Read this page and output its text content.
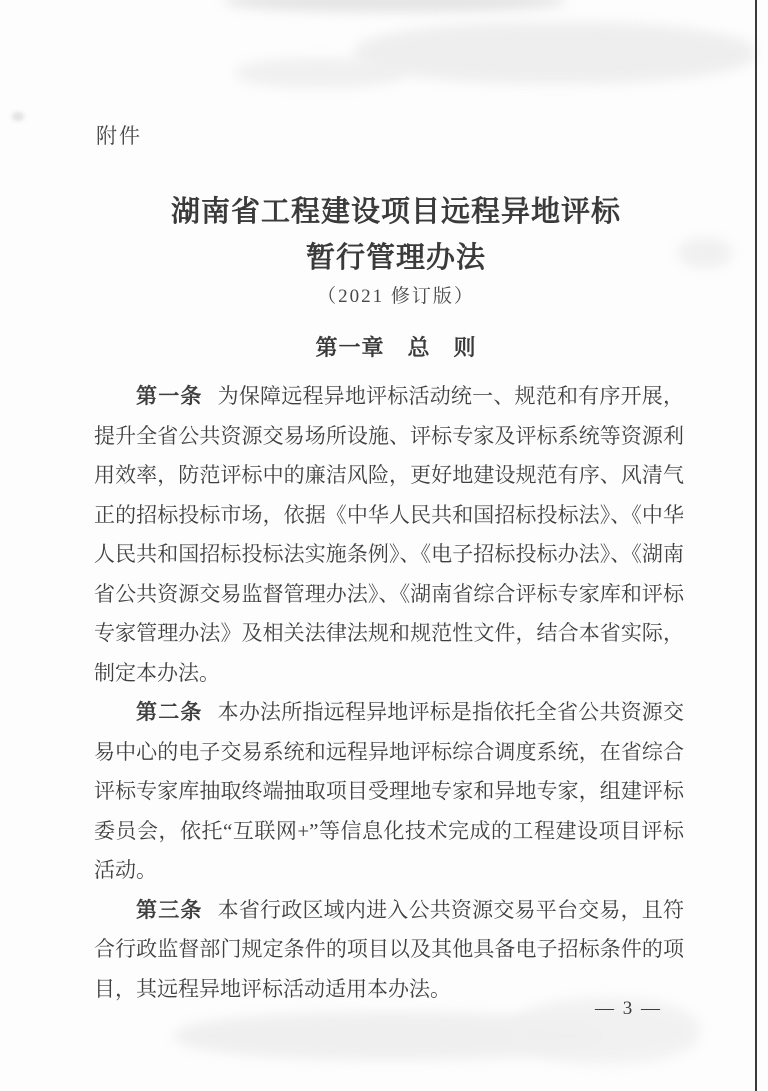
附件
湖南省工程建设项目远程异地评标
暂行管理办法
（2021 修订版）
第一章　总　则

第一条 为保障远程异地评标活动统一、规范和有序开展，提升全省公共资源交易场所设施、评标专家及评标系统等资源利用效率，防范评标中的廉洁风险，更好地建设规范有序、风清气正的招标投标市场，依据《中华人民共和国招标投标法》、《中华人民共和国招标投标法实施条例》、《电子招标投标办法》、《湖南省公共资源交易监督管理办法》、《湖南省综合评标专家库和评标专家管理办法》及相关法律法规和规范性文件，结合本省实际，制定本办法。

第二条 本办法所指远程异地评标是指依托全省公共资源交易中心的电子交易系统和远程异地评标综合调度系统，在省综合评标专家库抽取终端抽取项目受理地专家和异地专家，组建评标委员会，依托“互联网+”等信息化技术完成的工程建设项目评标活动。

第三条 本省行政区域内进入公共资源交易平台交易，且符合行政监督部门规定条件的项目以及其他具备电子招标条件的项目，其远程异地评标活动适用本办法。

— 3 —
